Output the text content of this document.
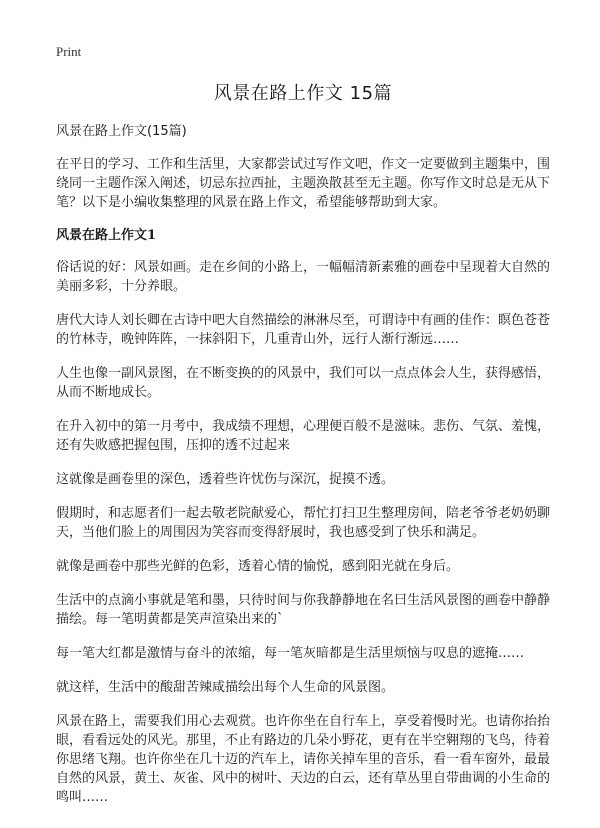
Print
风景在路上作文 15篇

风景在路上作文(15篇)

在平日的学习、工作和生活里，大家都尝试过写作文吧，作文一定要做到主题集中，围绕同一主题作深入阐述，切忌东拉西扯，主题涣散甚至无主题。你写作文时总是无从下笔？以下是小编收集整理的风景在路上作文，希望能够帮助到大家。

风景在路上作文1

俗话说的好：风景如画。走在乡间的小路上，一幅幅清新素雅的画卷中呈现着大自然的美丽多彩，十分养眼。

唐代大诗人刘长卿在古诗中吧大自然描绘的淋淋尽至，可谓诗中有画的佳作：瞑色苍苍的竹林寺，晚钟阵阵，一抹斜阳下，几重青山外，远行人渐行渐远……

人生也像一副风景图，在不断变换的的风景中，我们可以一点点体会人生，获得感悟，从而不断地成长。

在升入初中的第一月考中，我成绩不理想，心理便百般不是滋味。悲伤、气氛、羞愧，还有失败感把握包围，压抑的透不过起来

这就像是画卷里的深色，透着些许忧伤与深沉，捉摸不透。

假期时，和志愿者们一起去敬老院献爱心，帮忙打扫卫生整理房间，陪老爷爷老奶奶聊天，当他们脸上的周围因为笑容而变得舒展时，我也感受到了快乐和满足。

就像是画卷中那些光鲜的色彩，透着心情的愉悦，感到阳光就在身后。

生活中的点滴小事就是笔和墨，只待时间与你我静静地在名曰生活风景图的画卷中静静描绘。每一笔明黄都是笑声渲染出来的`

每一笔大红都是激情与奋斗的浓缩，每一笔灰暗都是生活里烦恼与叹息的遮掩……

就这样，生活中的酸甜苦辣咸描绘出每个人生命的风景图。

风景在路上，需要我们用心去观赏。也许你坐在自行车上，享受着慢时光。也请你抬抬眼，看看远处的风光。那里，不止有路边的几朵小野花，更有在半空翱翔的飞鸟，待着你思绪飞翔。也许你坐在几十迈的汽车上，请你关掉车里的音乐，看一看车窗外，最最自然的风景，黄土、灰雀、风中的树叶、天边的白云，还有草丛里自带曲调的小生命的鸣叫……
